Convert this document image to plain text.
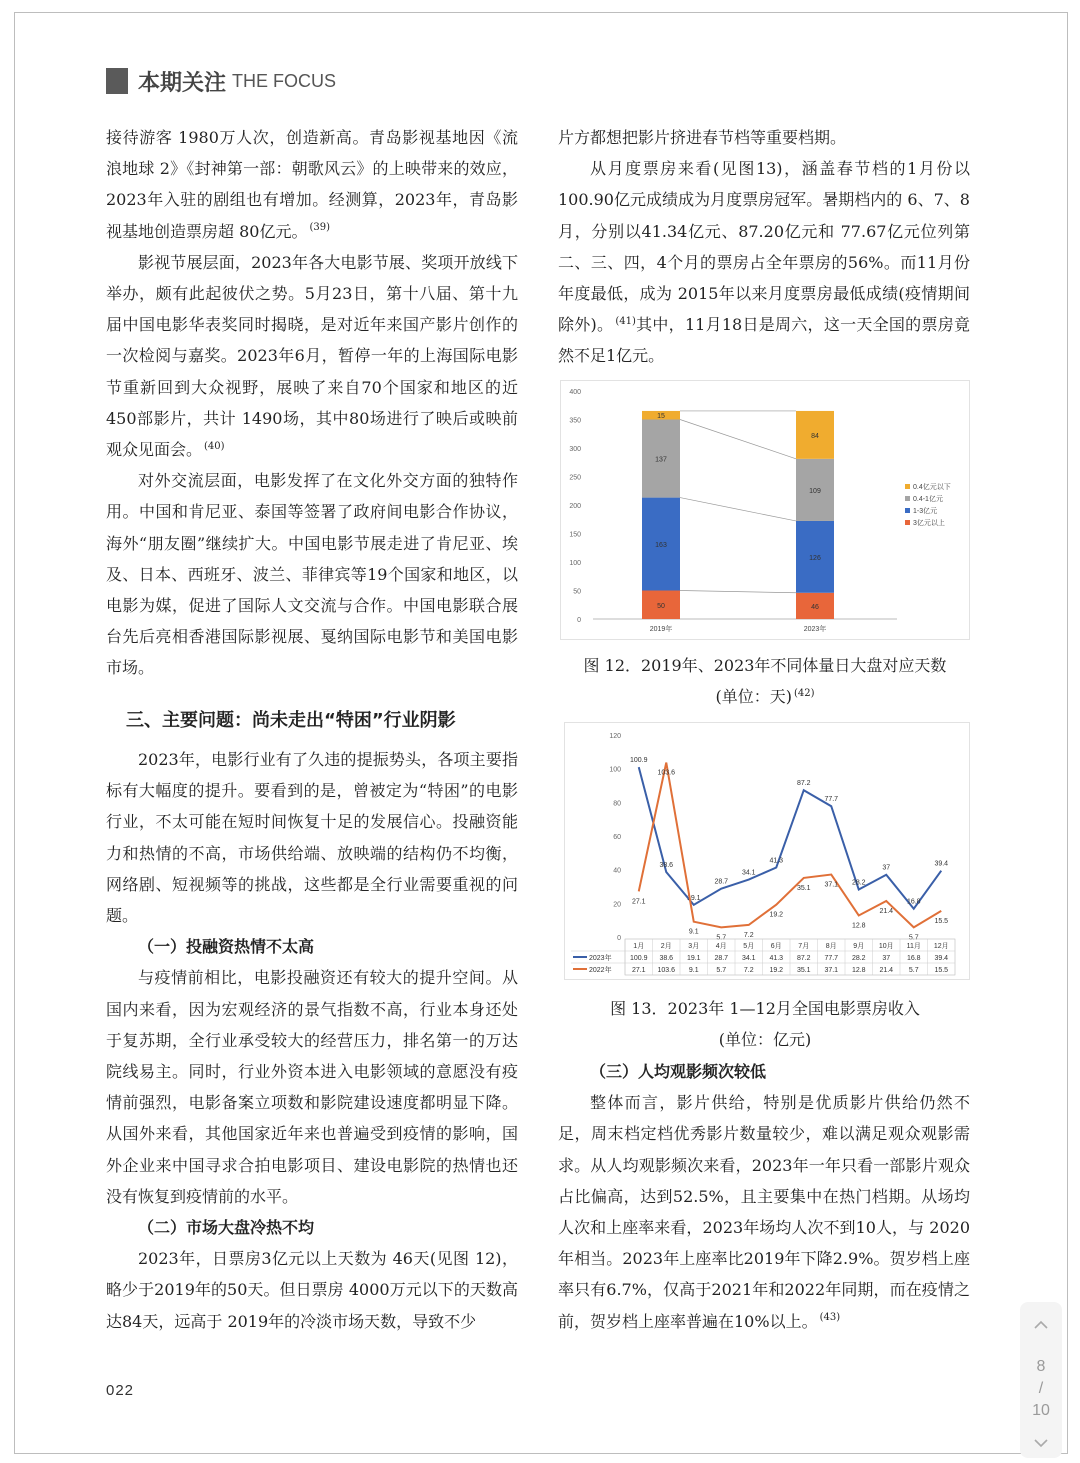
本期关注 THE FOCUS

接待游客 1980万人次，创造新高。青岛影视基地因《流浪地球 2》《封神第一部：朝歌风云》的上映带来的效应，2023年入驻的剧组也有增加。经测算，2023年，青岛影视基地创造票房超 80亿元。 $^{(39)}$

影视节展层面，2023年各大电影节展、奖项开放线下举办，颇有此起彼伏之势。5月23日，第十八届、第十九届中国电影华表奖同时揭晓，是对近年来国产影片创作的一次检阅与嘉奖。2023年6月，暂停一年的上海国际电影节重新回到大众视野，展映了来自70个国家和地区的近450部影片，共计 1490场，其中80场进行了映后或映前观众见面会。 $^{(40)}$

对外交流层面，电影发挥了在文化外交方面的独特作用。中国和肯尼亚、泰国等签署了政府间电影合作协议，海外“朋友圈”继续扩大。中国电影节展走进了肯尼亚、埃及、日本、西班牙、波兰、菲律宾等19个国家和地区，以电影为媒，促进了国际人文交流与合作。中国电影联合展台先后亮相香港国际影视展、戛纳国际电影节和美国电影市场。

三、主要问题：尚未走出“特困”行业阴影

2023年，电影行业有了久违的提振势头，各项主要指标有大幅度的提升。要看到的是，曾被定为“特困”的电影行业，不太可能在短时间恢复十足的发展信心。投融资能力和热情的不高，市场供给端、放映端的结构仍不均衡，网络剧、短视频等的挑战，这些都是全行业需要重视的问题。

（一）投融资热情不太高

与疫情前相比，电影投融资还有较大的提升空间。从国内来看，因为宏观经济的景气指数不高，行业本身还处于复苏期，全行业承受较大的经营压力，排名第一的万达院线易主。同时，行业外资本进入电影领域的意愿没有疫情前强烈，电影备案立项数和影院建设速度都明显下降。从国外来看，其他国家近年来也普遍受到疫情的影响，国外企业来中国寻求合拍电影项目、建设电影院的热情也还没有恢复到疫情前的水平。

（二）市场大盘冷热不均

2023年，日票房3亿元以上天数为 46天(见图 12)，略少于2019年的50天。但日票房 4000万元以下的天数高达84天，远高于 2019年的冷淡市场天数，导致不少

片方都想把影片挤进春节档等重要档期。

从月度票房来看(见图13)，涵盖春节档的1月份以100.90亿元成绩成为月度票房冠军。暑期档内的 6、7、8月，分别以41.34亿元、87.20亿元和 77.67亿元位列第二、三、四，4个月的票房占全年票房的56%。而11月份年度最低，成为 2015年以来月度票房最低成绩(疫情期间除外)。 $^{(41)}$其中，11月18日是周六，这一天全国的票房竟然不足1亿元。

0
50
100
150
200
250
300
350
400
50
163
137
15
2019年
46
126
109
84
2023年
0.4亿元以下
0.4-1亿元
1-3亿元
3亿元以上
图 12．2019年、2023年不同体量日大盘对应天数
(单位：天) $^{(42)}$
0
20
40
60
80
100
120
100.9
38.6
19.1
28.7
34.1
41.3
87.2
77.7
28.2
37
16.8
39.4
27.1
103.6
9.1
5.7	7.2
19.2
35.1 37.1
12.8
21.4
5.7
15.5
1月 2月 3月 4月 5月 6月 7月 8月 9月 10月 11月 12月
2023年	100.9 38.6 19.1 28.7 34.1 41.3 87.2 77.7 28.2 37 16.8 39.4
2022年	27.1 103.6 9.1	5.7	7.2 19.2 35.1 37.1 12.8 21.4 5.7 15.5
图 13．2023年 1—12月全国电影票房收入
(单位：亿元)

（三）人均观影频次较低

整体而言，影片供给，特别是优质影片供给仍然不足，周末档定档优秀影片数量较少，难以满足观众观影需求。从人均观影频次来看，2023年一年只看一部影片观众占比偏高，达到52.5%，且主要集中在热门档期。从场均人次和上座率来看，2023年场均人次不到10人，与 2020年相当。2023年上座率比2019年下降2.9%。贺岁档上座率只有6.7%，仅高于2021年和2022年同期，而在疫情之前，贺岁档上座率普遍在10%以上。 $^{(43)}$

022
8
/
10
